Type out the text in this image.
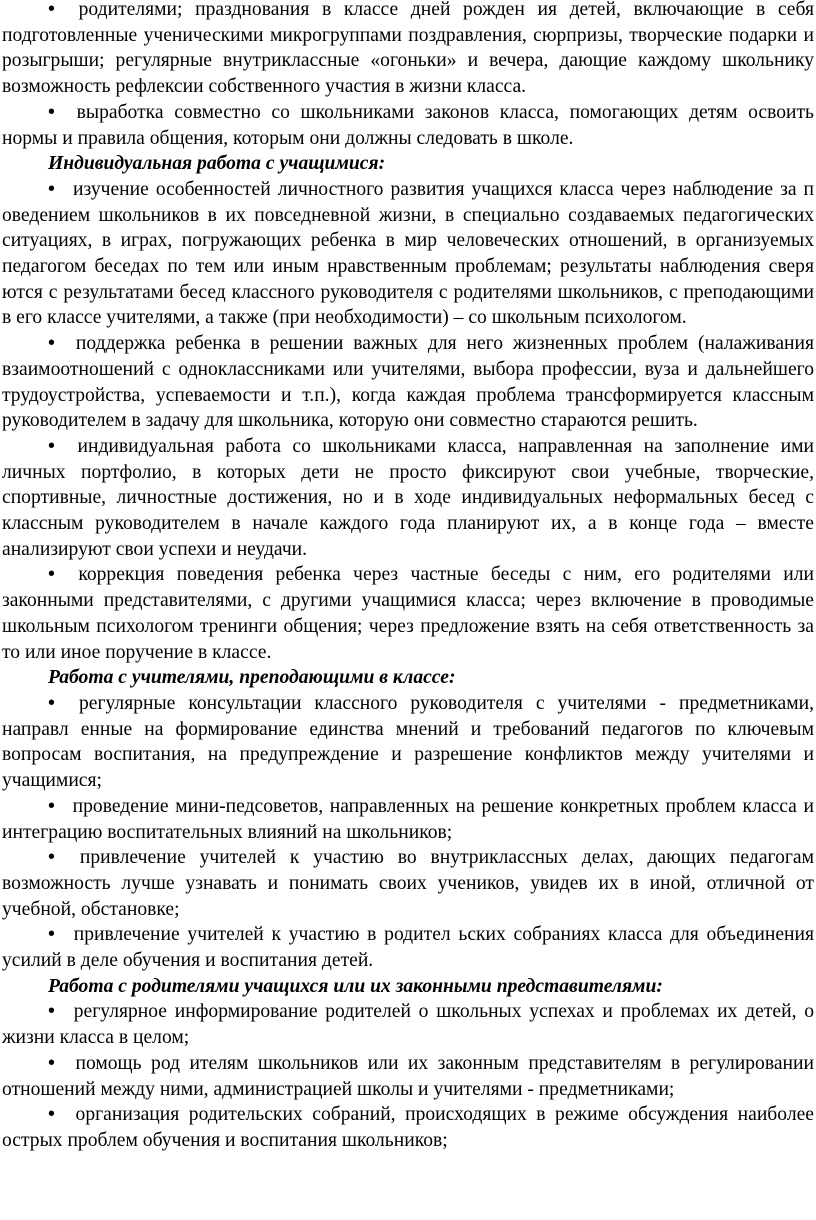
• родителями; празднования в классе дней рожден ия детей, включающие в себя подготовленные ученическими микрогруппами поздравления, сюрпризы, творческие подарки и розыгрыши; регулярные внутриклассные «огоньки» и вечера, дающие каждому школьнику возможность рефлексии собственного участия в жизни класса.

• выработка совместно со школьниками законов класса, помогающих детям освоить нормы и правила общения, которым они должны следовать в школе.

Индивидуальная работа с учащимися:

• изучение особенностей личностного развития учащихся класса через наблюдение за п оведением школьников в их повседневной жизни, в специально создаваемых педагогических ситуациях, в играх, погружающих ребенка в мир человеческих отношений, в организуемых педагогом беседах по тем или иным нравственным проблемам; результаты наблюдения сверя ются с результатами бесед классного руководителя с родителями школьников, с преподающими в его классе учителями, а также (при необходимости) – со школьным психологом.

• поддержка ребенка в решении важных для него жизненных проблем (налаживания взаимоотношений с одноклассниками или учителями, выбора профессии, вуза и дальнейшего трудоустройства, успеваемости и т.п.), когда каждая проблема трансформируется классным руководителем в задачу для школьника, которую они совместно стараются решить.

• индивидуальная работа со школьниками класса, направленная на заполнение ими личных портфолио, в которых дети не просто фиксируют свои учебные, творческие, спортивные, личностные достижения, но и в ходе индивидуальных неформальных бесед с классным руководителем в начале каждого года планируют их, а в конце года – вместе анализируют свои успехи и неудачи.

• коррекция поведения ребенка через частные беседы с ним, его родителями или законными представителями, с другими учащимися класса; через включение в проводимые школьным психологом тренинги общения; через предложение взять на себя ответственность за то или иное поручение в классе.

Работа с учителями, преподающими в классе:

• регулярные консультации классного руководителя с учителями - предметниками, направл енные на формирование единства мнений и требований педагогов по ключевым вопросам воспитания, на предупреждение и разрешение конфликтов между учителями и учащимися;

• проведение мини-педсоветов, направленных на решение конкретных проблем класса и интеграцию воспитательных влияний на школьников;

• привлечение учителей к участию во внутриклассных делах, дающих педагогам возможность лучше узнавать и понимать своих учеников, увидев их в иной, отличной от учебной, обстановке;

• привлечение учителей к участию в родител ьских собраниях класса для объединения усилий в деле обучения и воспитания детей.

Работа с родителями учащихся или их законными представителями:

• регулярное информирование родителей о школьных успехах и проблемах их детей, о жизни класса в целом;

• помощь род ителям школьников или их законным представителям в регулировании отношений между ними, администрацией школы и учителями - предметниками;

• организация родительских собраний, происходящих в режиме обсуждения наиболее острых проблем обучения и воспитания школьников;
